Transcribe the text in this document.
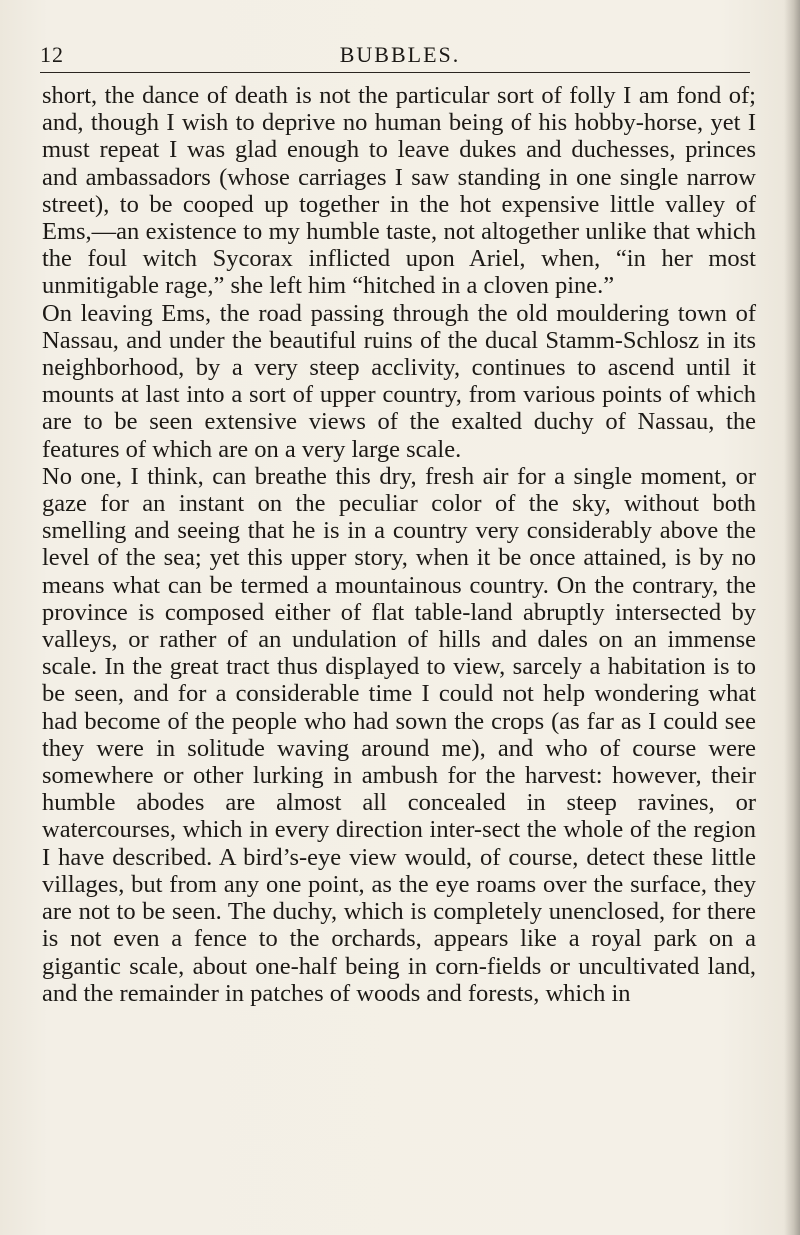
12	BUBBLES.

short, the dance of death is not the particular sort of folly I am fond of; and, though I wish to deprive no human being of his hobby-horse, yet I must repeat I was glad enough to leave dukes and duchesses, princes and ambassadors (whose carriages I saw standing in one single narrow street), to be cooped up together in the hot expensive little valley of Ems,—an existence to my humble taste, not altogether unlike that which the foul witch Sycorax inflicted upon Ariel, when, “in her most unmitigable rage,” she left him “hitched in a cloven pine.”

On leaving Ems, the road passing through the old mouldering town of Nassau, and under the beautiful ruins of the ducal Stamm-Schlosz in its neighborhood, by a very steep acclivity, continues to ascend until it mounts at last into a sort of upper country, from various points of which are to be seen extensive views of the exalted duchy of Nassau, the features of which are on a very large scale.

No one, I think, can breathe this dry, fresh air for a single moment, or gaze for an instant on the peculiar color of the sky, without both smelling and seeing that he is in a country very considerably above the level of the sea; yet this upper story, when it be once attained, is by no means what can be termed a mountainous country. On the contrary, the province is composed either of flat table-land abruptly intersected by valleys, or rather of an undulation of hills and dales on an immense scale. In the great tract thus displayed to view, sarcely a habitation is to be seen, and for a considerable time I could not help wondering what had become of the people who had sown the crops (as far as I could see they were in solitude waving around me), and who of course were somewhere or other lurking in ambush for the harvest: however, their humble abodes are almost all concealed in steep ravines, or watercourses, which in every direction inter-sect the whole of the region I have described. A bird’s-eye view would, of course, detect these little villages, but from any one point, as the eye roams over the surface, they are not to be seen. The duchy, which is completely unenclosed, for there is not even a fence to the orchards, appears like a royal park on a gigantic scale, about one-half being in corn-fields or uncultivated land, and the remainder in patches of woods and forests, which in
